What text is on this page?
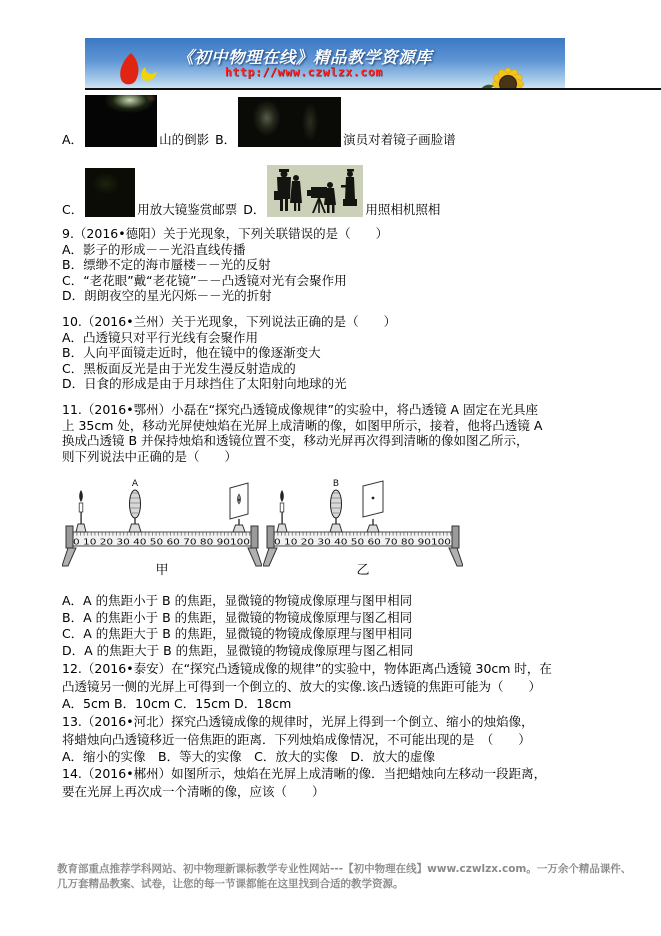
《初中物理在线》精品教学资源库
http://www.czwlzx.com
A．	山的倒影 B．	演员对着镜子画脸谱
C．	用放大镜鉴赏邮票 D．	用照相机照相
9.（2016•德阳）关于光现象，下列关联错误的是（　　）
A．影子的形成－－光沿直线传播
B．缥缈不定的海市蜃楼－－光的反射
C．“老花眼”戴“老花镜”－－凸透镜对光有会聚作用
D．朗朗夜空的星光闪烁－－光的折射
10.（2016•兰州）关于光现象，下列说法正确的是（　　）
A．凸透镜只对平行光线有会聚作用
B．人向平面镜走近时，他在镜中的像逐渐变大
C．黑板面反光是由于光发生漫反射造成的
D．日食的形成是由于月球挡住了太阳射向地球的光
11.（2016•鄂州）小磊在“探究凸透镜成像规律”的实验中，将凸透镜 A 固定在光具座
上 35cm 处，移动光屏使烛焰在光屏上成清晰的像，如图甲所示，接着，他将凸透镜 A
换成凸透镜 B 并保持烛焰和透镜位置不变，移动光屏再次得到清晰的像如图乙所示，
则下列说法中正确的是（　　）
0 10 20 30 40 50 60 70 80 90100
A
甲
0 10 20 30 40 50 60 70 80 90100
B
乙
A．A 的焦距小于 B 的焦距，显微镜的物镜成像原理与图甲相同
B．A 的焦距小于 B 的焦距，显微镜的物镜成像原理与图乙相同
C．A 的焦距大于 B 的焦距，显微镜的物镜成像原理与图甲相同
D．A 的焦距大于 B 的焦距，显微镜的物镜成像原理与图乙相同
12.（2016•泰安）在“探究凸透镜成像的规律”的实验中，物体距离凸透镜 30cm 时，在
凸透镜另一侧的光屏上可得到一个倒立的、放大的实像.该凸透镜的焦距可能为（　　）
A．5cm B．10cm C．15cm D．18cm
13.（2016•河北）探究凸透镜成像的规律时，光屏上得到一个倒立、缩小的烛焰像，
将蜡烛向凸透镜移近一倍焦距的距离．下列烛焰成像情况，不可能出现的是　（　　）
A．缩小的实像　B．等大的实像　C．放大的实像　D．放大的虚像
14.（2016•郴州）如图所示，烛焰在光屏上成清晰的像．当把蜡烛向左移动一段距离，
要在光屏上再次成一个清晰的像，应该（　　）
教育部重点推荐学科网站、初中物理新课标教学专业性网站---【初中物理在线】www.czwlzx.com。一万余个精品课件、
几万套精品教案、试卷，让您的每一节课都能在这里找到合适的教学资源。
